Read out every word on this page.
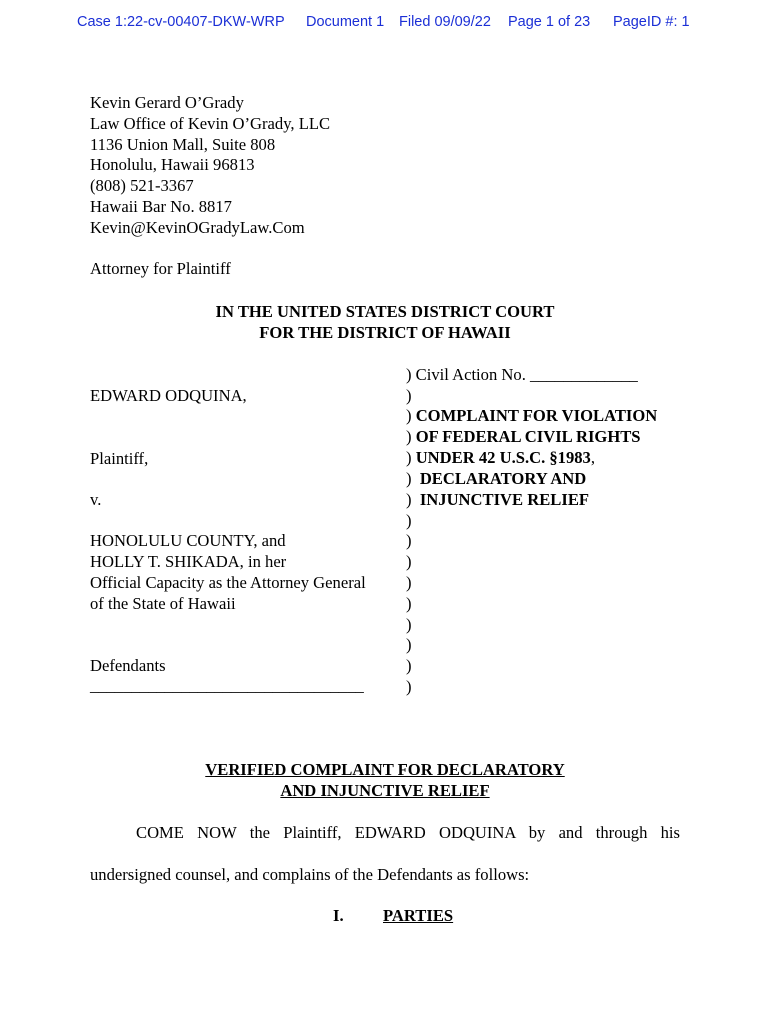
Case 1:22-cv-00407-DKW-WRP Document 1 Filed 09/09/22 Page 1 of 23 PageID #: 1
Kevin Gerard O’Grady
Law Office of Kevin O’Grady, LLC
1136 Union Mall, Suite 808
Honolulu, Hawaii 96813
(808) 521-3367
Hawaii Bar No. 8817
Kevin@KevinOGradyLaw.Com
Attorney for Plaintiff
IN THE UNITED STATES DISTRICT COURT
FOR THE DISTRICT OF HAWAII
EDWARD ODQUINA,
Plaintiff,
v.
HONOLULU COUNTY, and
HOLLY T. SHIKADA, in her
Official Capacity as the Attorney General
of the State of Hawaii
Defendants
_________________________________
) Civil Action No. _____________
)
) COMPLAINT FOR VIOLATION
) OF FEDERAL CIVIL RIGHTS
) UNDER 42 U.S.C. §1983,
) DECLARATORY AND
) INJUNCTIVE RELIEF
)
)
)
)
)
)
)
)
)
VERIFIED COMPLAINT FOR DECLARATORY
AND INJUNCTIVE RELIEF
COME NOW the Plaintiff, EDWARD ODQUINA by and through his
undersigned counsel, and complains of the Defendants as follows:
I. PARTIES
